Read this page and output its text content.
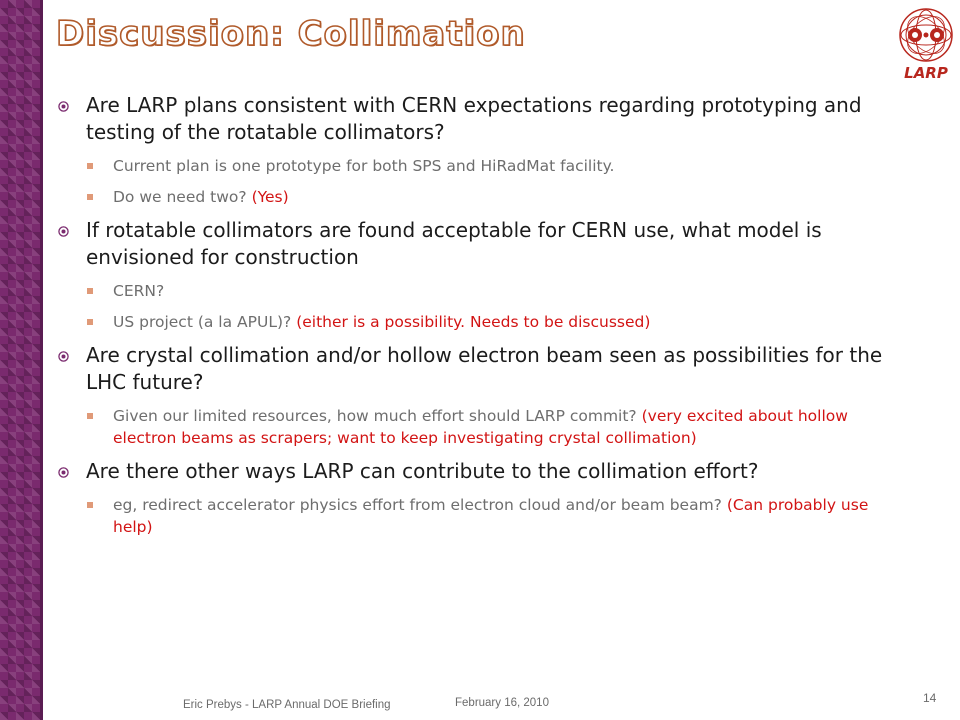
Discussion: Collimation
LARP
Are LARP plans consistent with CERN expectations regarding prototyping and testing of the rotatable collimators?
Current plan is one prototype for both SPS and HiRadMat facility.
Do we need two? (Yes)
If rotatable collimators are found acceptable for CERN use, what model is envisioned for construction
CERN?
US project (a la APUL)? (either is a possibility. Needs to be discussed)
Are crystal collimation and/or hollow electron beam seen as possibilities for the LHC future?
Given our limited resources, how much effort should LARP commit? (very excited about hollow electron beams as scrapers; want to keep investigating crystal collimation)
Are there other ways LARP can contribute to the collimation effort?
eg, redirect accelerator physics effort from electron cloud and/or beam beam? (Can probably use help)
Eric Prebys - LARP Annual DOE Briefing	February 16, 2010	14
